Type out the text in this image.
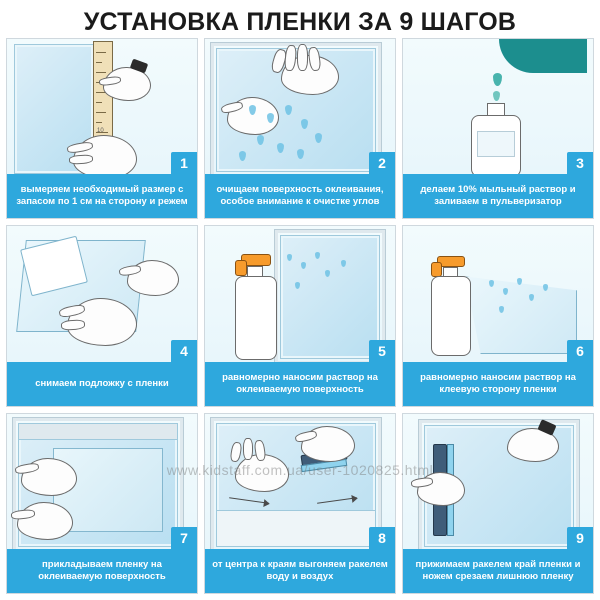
УСТАНОВКА ПЛЕНКИ ЗА 9 ШАГОВ
10
1
вымеряем необходимый размер с запасом по 1 см на сторону и режем
2
очищаем поверхность оклеивания, особое внимание к очистке углов
3
делаем 10% мыльный раствор и заливаем в пульверизатор
4
снимаем подложку с пленки
5
равномерно наносим раствор на оклеиваемую поверхность
6
равномерно наносим раствор на клеевую сторону пленки
7
прикладываем пленку на оклеиваемую поверхность
8
от центра к краям выгоняем ракелем воду и воздух
9
прижимаем ракелем край пленки и ножем срезаем лишнюю пленку
www.kidstaff.com.ua/user-1020825.html
